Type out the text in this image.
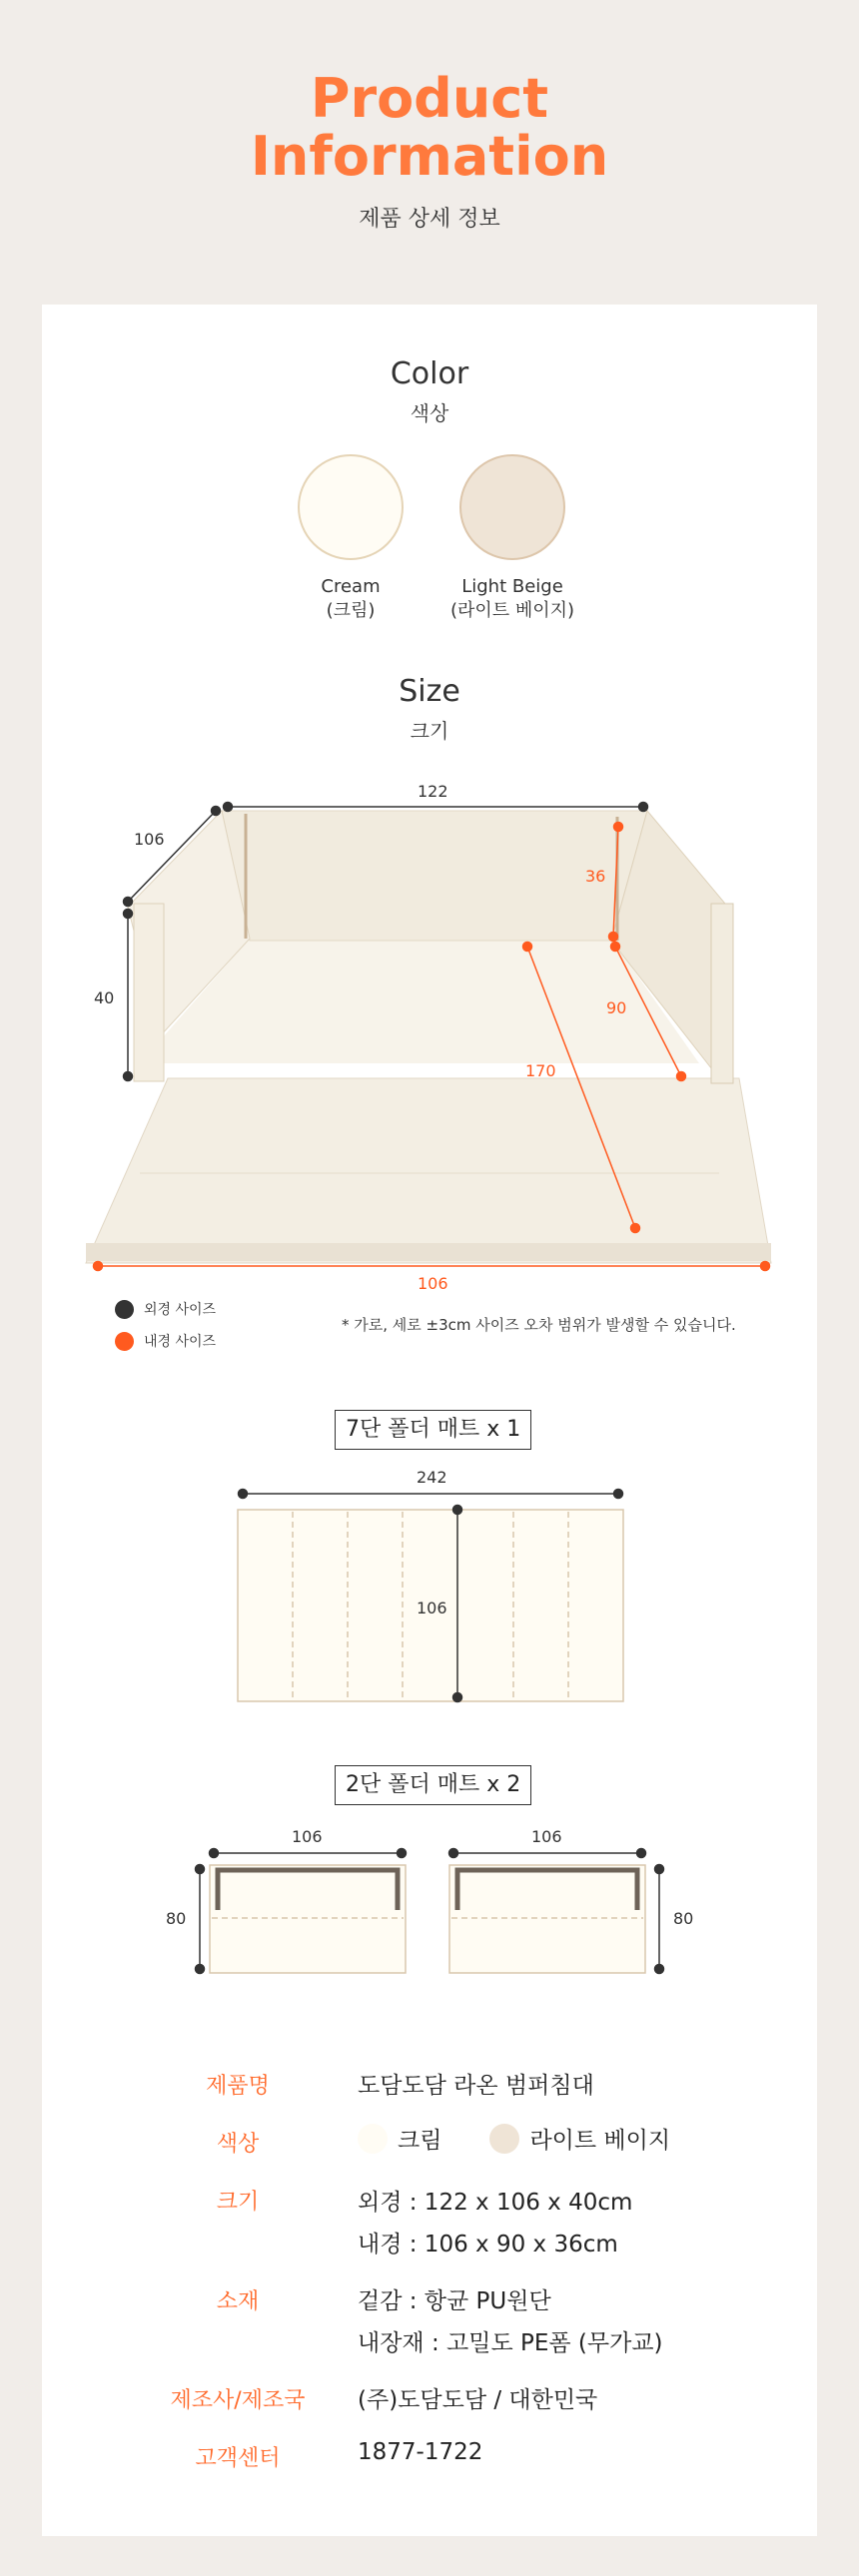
Product
Information
제품 상세 정보
Color
색상
Cream
(크림)
Light Beige
(라이트 베이지)
Size
크기
122
106
40
36
90
170
106
외경 사이즈
내경 사이즈
* 가로, 세로 ±3cm 사이즈 오차 범위가 발생할 수 있습니다.
7단 폴더 매트 x 1
242
106
2단 폴더 매트 x 2
106	106
80	80
제품명	도담도담 라온 범퍼침대
색상	크림	라이트 베이지
크기	외경 : 122 x 106 x 40cm
내경 : 106 x 90 x 36cm
소재	겉감 : 항균 PU원단
내장재 : 고밀도 PE폼 (무가교)
제조사/제조국	(주)도담도담 / 대한민국
고객센터	1877-1722
